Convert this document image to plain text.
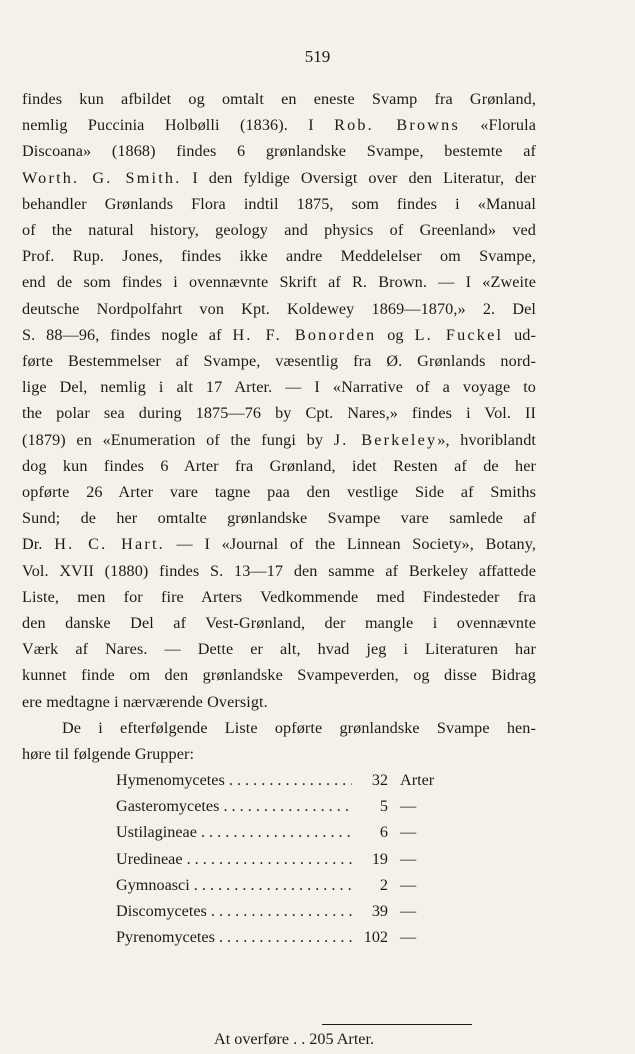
519

findes kun afbildet og omtalt en eneste Svamp fra Grønland,
nemlig Puccinia Holbølli (1836). I Rob. Browns «Florula
Discoana» (1868) findes 6 grønlandske Svampe, bestemte af
Worth. G. Smith. I den fyldige Oversigt over den Literatur, der
behandler Grønlands Flora indtil 1875, som findes i «Manual
of the natural history, geology and physics of Greenland» ved
Prof. Rup. Jones, findes ikke andre Meddelelser om Svampe,
end de som findes i ovennævnte Skrift af R. Brown. — I «Zweite
deutsche Nordpolfahrt von Kpt. Koldewey 1869—1870,» 2. Del
S. 88—96, findes nogle af H. F. Bonorden og L. Fuckel ud-
førte Bestemmelser af Svampe, væsentlig fra Ø. Grønlands nord-
lige Del, nemlig i alt 17 Arter. — I «Narrative of a voyage to
the polar sea during 1875—76 by Cpt. Nares,» findes i Vol. II
(1879) en «Enumeration of the fungi by J. Berkeley», hvoriblandt
dog kun findes 6 Arter fra Grønland, idet Resten af de her
opførte 26 Arter vare tagne paa den vestlige Side af Smiths
Sund; de her omtalte grønlandske Svampe vare samlede af
Dr. H. C. Hart. — I «Journal of the Linnean Society», Botany,
Vol. XVII (1880) findes S. 13—17 den samme af Berkeley affattede
Liste, men for fire Arters Vedkommende med Findesteder fra
den danske Del af Vest-Grønland, der mangle i ovennævnte
Værk af Nares. — Dette er alt, hvad jeg i Literaturen har
kunnet finde om den grønlandske Svampeverden, og disse Bidrag
ere medtagne i nærværende Oversigt.

De i efterfølgende Liste opførte grønlandske Svampe hen-
høre til følgende Grupper:

Hymenomycetes . . .	32 Arter
Gasteromycetes . . .	5 —
Ustilagineae . . .	6 —
Uredineae . . .	19 —
Gymnoasci . . .	2 —
Discomycetes . . .	39 —
Pyrenomycetes . . .	102 —
At overføre . . 205 Arter.
